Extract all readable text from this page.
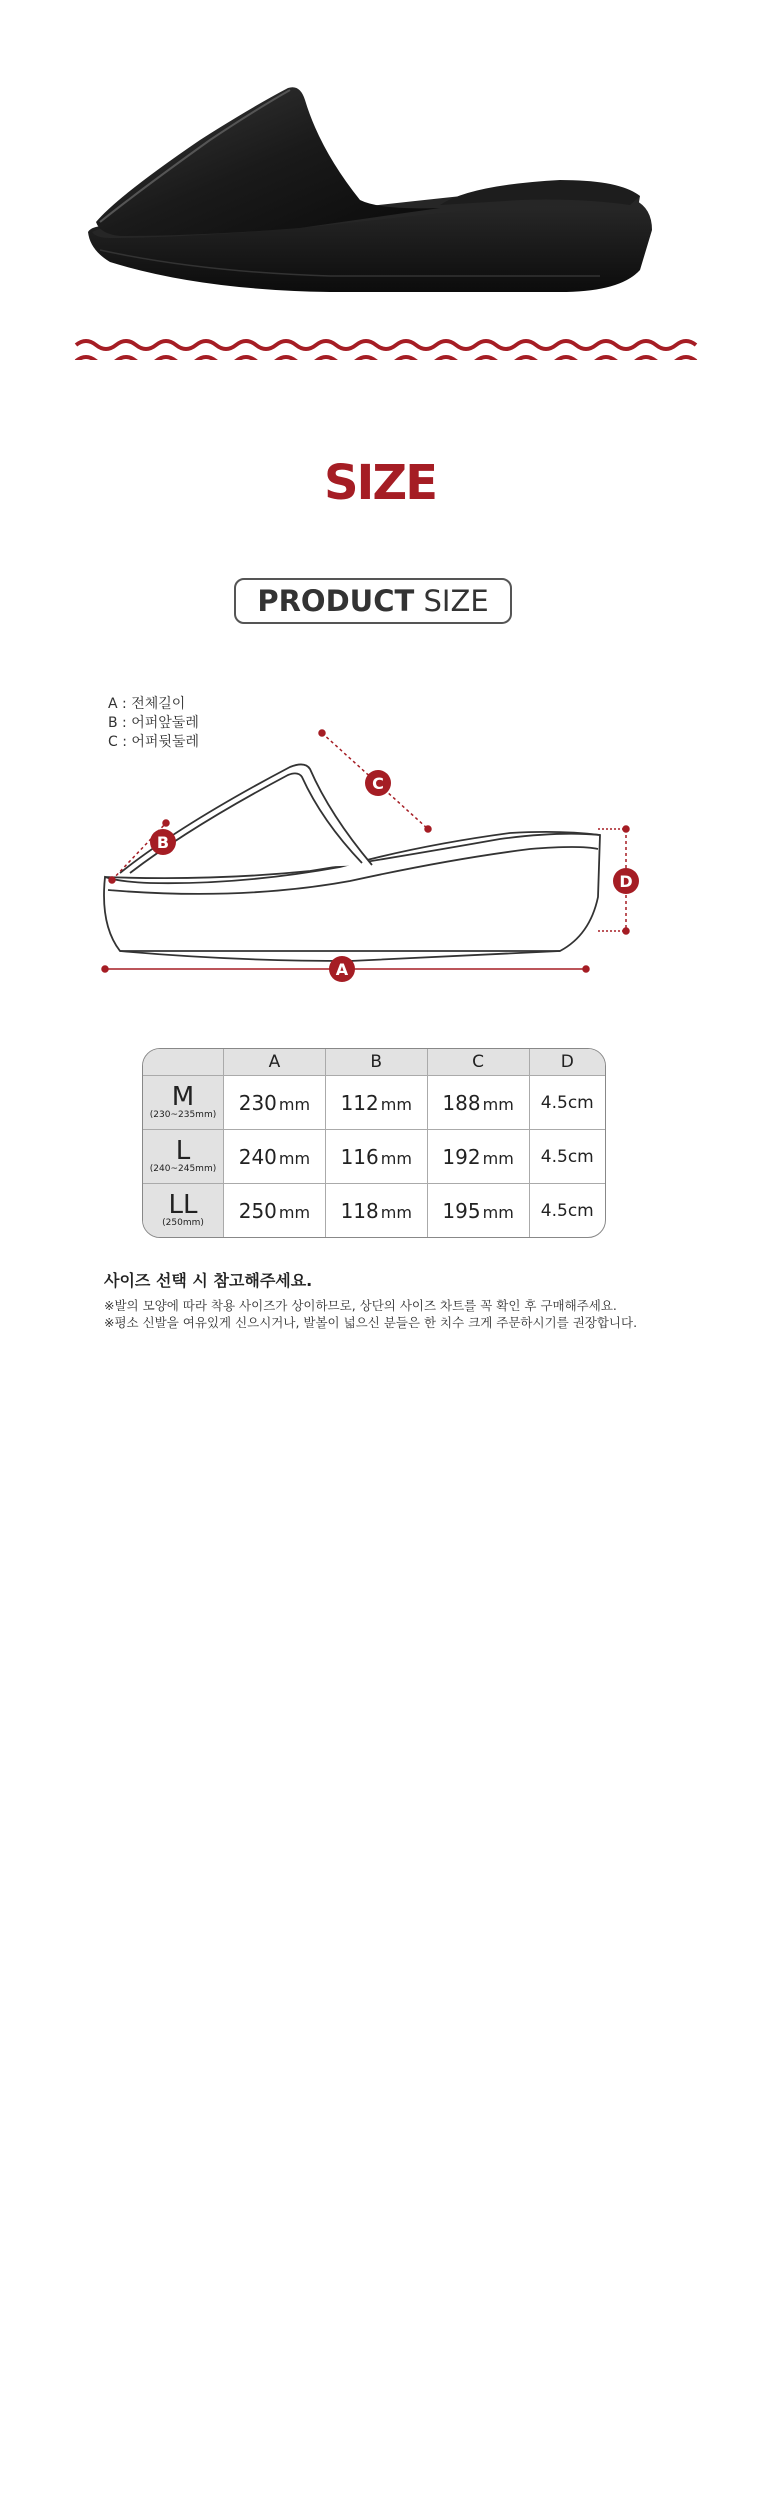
SIZE
PRODUCT SIZE
A : 전체길이
B : 어퍼앞둘레
C : 어퍼뒷둘레
A
B
C
D
	A	B	C	D

M
(230~235mm)	230 mm	112 mm	188 mm	4.5cm

L
(240~245mm)	240 mm	116 mm	192 mm	4.5cm

LL
(250mm)	250 mm	118 mm	195 mm	4.5cm
사이즈 선택 시 참고해주세요.
※발의 모양에 따라 착용 사이즈가 상이하므로, 상단의 사이즈 차트를 꼭 확인 후 구매해주세요.
※평소 신발을 여유있게 신으시거나, 발볼이 넓으신 분들은 한 치수 크게 주문하시기를 권장합니다.
